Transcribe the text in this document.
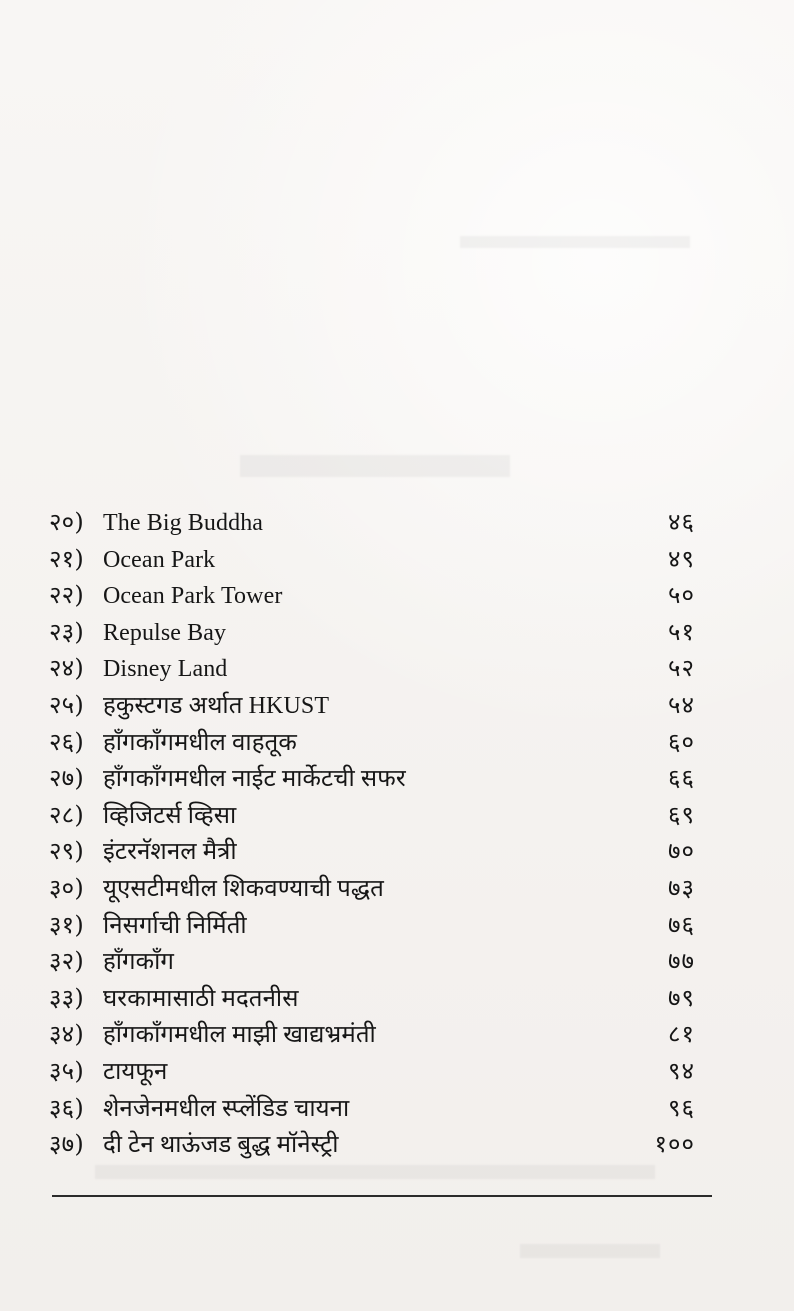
२०) The Big Buddha	४६
२१) Ocean Park	४९
२२) Ocean Park Tower	५०
२३) Repulse Bay	५१
२४) Disney Land	५२
२५) हकुस्टगड अर्थात HKUST	५४
२६) हाँगकाँगमधील वाहतूक	६०
२७) हाँगकाँगमधील नाईट मार्केटची सफर	६६
२८) व्हिजिटर्स व्हिसा	६९
२९) इंटरनॅशनल मैत्री	७०
३०) यूएसटीमधील शिकवण्याची पद्धत	७३
३१) निसर्गाची निर्मिती	७६
३२) हाँगकाँग	७७
३३) घरकामासाठी मदतनीस	७९
३४) हाँगकाँगमधील माझी खाद्यभ्रमंती	८१
३५) टायफून	९४
३६) शेनजेनमधील स्प्लेंडिड चायना	९६
३७) दी टेन थाऊंजड बुद्ध मॉनेस्ट्री	१००
